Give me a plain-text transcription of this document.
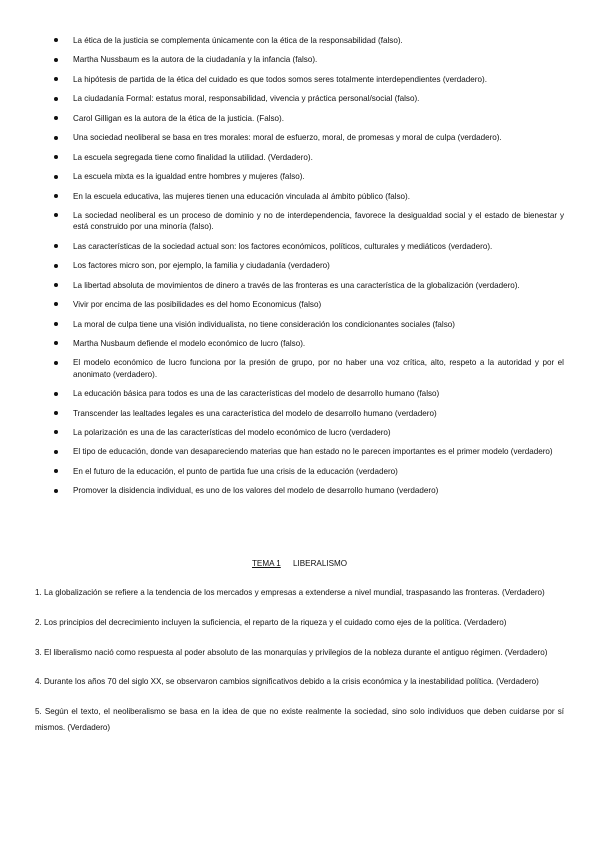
La ética de la justicia se complementa únicamente con la ética de la responsabilidad (falso).
Martha Nussbaum es la autora de la ciudadanía y la infancia (falso).
La hipótesis de partida de la ética del cuidado es que todos somos seres totalmente interdependientes (verdadero).
La ciudadanía Formal: estatus moral, responsabilidad, vivencia y práctica personal/social (falso).
Carol Gilligan es la autora de la ética de la justicia. (Falso).
Una sociedad neoliberal se basa en tres morales: moral de esfuerzo, moral, de promesas y moral de culpa (verdadero).
La escuela segregada tiene como finalidad la utilidad. (Verdadero).
La escuela mixta es la igualdad entre hombres y mujeres (falso).
En la escuela educativa, las mujeres tienen una educación vinculada al ámbito público (falso).
La sociedad neoliberal es un proceso de dominio y no de interdependencia, favorece la desigualdad social y el estado de bienestar y está construido por una minoría (falso).
Las características de la sociedad actual son: los factores económicos, políticos, culturales y mediáticos (verdadero).
Los factores micro son, por ejemplo, la familia y ciudadanía (verdadero)
La libertad absoluta de movimientos de dinero a través de las fronteras es una característica de la globalización (verdadero).
Vivir por encima de las posibilidades es del homo Economicus (falso)
La moral de culpa tiene una visión individualista, no tiene consideración los condicionantes sociales (falso)
Martha Nusbaum defiende el modelo económico de lucro (falso).
El modelo económico de lucro funciona por la presión de grupo, por no haber una voz crítica, alto, respeto a la autoridad y por el anonimato (verdadero).
La educación básica para todos es una de las características del modelo de desarrollo humano (falso)
Transcender las lealtades legales es una característica del modelo de desarrollo humano (verdadero)
La polarización es una de las características del modelo económico de lucro (verdadero)
El tipo de educación, donde van desapareciendo materias que han estado no le parecen importantes es el primer modelo (verdadero)
En el futuro de la educación, el punto de partida fue una crisis de la educación (verdadero)
Promover la disidencia individual, es uno de los valores del modelo de desarrollo humano (verdadero)
TEMA 1 LIBERALISMO

1. La globalización se refiere a la tendencia de los mercados y empresas a extenderse a nivel mundial, traspasando las fronteras. (Verdadero)

2. Los principios del decrecimiento incluyen la suficiencia, el reparto de la riqueza y el cuidado como ejes de la política. (Verdadero)

3. El liberalismo nació como respuesta al poder absoluto de las monarquías y privilegios de la nobleza durante el antiguo régimen. (Verdadero)

4. Durante los años 70 del siglo XX, se observaron cambios significativos debido a la crisis económica y la inestabilidad política. (Verdadero)

5. Según el texto, el neoliberalismo se basa en la idea de que no existe realmente la sociedad, sino solo individuos que deben cuidarse por sí mismos. (Verdadero)
